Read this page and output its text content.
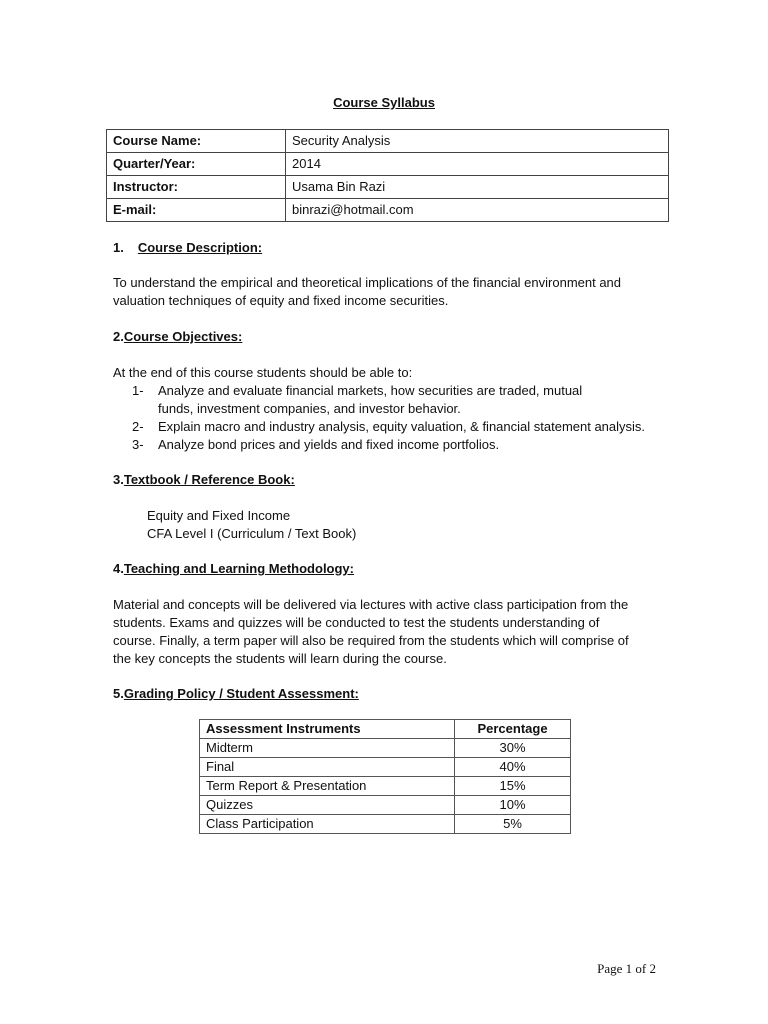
Course Syllabus
Course Name:	Security Analysis
Quarter/Year:	2014
Instructor:	Usama Bin Razi
E-mail:	binrazi@hotmail.com
1. Course Description:
To understand the empirical and theoretical implications of the financial environment and valuation techniques of equity and fixed income securities.
2.Course Objectives:
At the end of this course students should be able to:
1-	Analyze and evaluate financial markets, how securities are traded, mutual funds, investment companies, and investor behavior.
2-	Explain macro and industry analysis, equity valuation, & financial statement analysis.
3-	Analyze bond prices and yields and fixed income portfolios.
3.Textbook / Reference Book:
Equity and Fixed Income
CFA Level I (Curriculum / Text Book)
4.Teaching and Learning Methodology:
Material and concepts will be delivered via lectures with active class participation from the students. Exams and quizzes will be conducted to test the students understanding of course. Finally, a term paper will also be required from the students which will comprise of the key concepts the students will learn during the course.
5.Grading Policy / Student Assessment:
Assessment Instruments	Percentage
Midterm	30%
Final	40%
Term Report & Presentation	15%
Quizzes	10%
Class Participation	5%
Page 1 of 2
